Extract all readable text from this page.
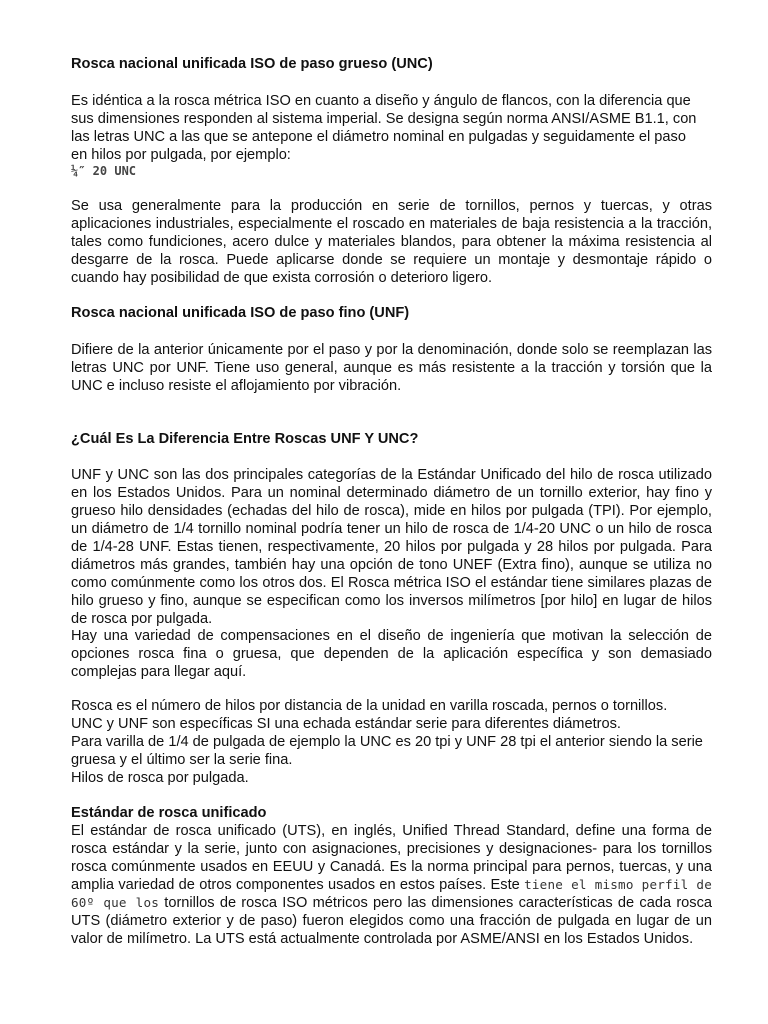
Rosca nacional unificada ISO de paso grueso (UNC)

Es idéntica a la rosca métrica ISO en cuanto a diseño y ángulo de flancos, con la diferencia que
sus dimensiones responden al sistema imperial. Se designa según norma ANSI/ASME B1.1, con
las letras UNC a las que se antepone el diámetro nominal en pulgadas y seguidamente el paso
en hilos por pulgada, por ejemplo:

¼″ 20 UNC

Se usa generalmente para la producción en serie de tornillos, pernos y tuercas, y otras aplicaciones industriales, especialmente el roscado en materiales de baja resistencia a la tracción, tales como fundiciones, acero dulce y materiales blandos, para obtener la máxima resistencia al desgarre de la rosca. Puede aplicarse donde se requiere un montaje y desmontaje rápido o cuando hay posibilidad de que exista corrosión o deterioro ligero.

Rosca nacional unificada ISO de paso fino (UNF)

Difiere de la anterior únicamente por el paso y por la denominación, donde solo se reemplazan las letras UNC por UNF. Tiene uso general, aunque es más resistente a la tracción y torsión que la UNC e incluso resiste el aflojamiento por vibración.

¿Cuál Es La Diferencia Entre Roscas UNF Y UNC?

UNF y UNC son las dos principales categorías de la Estándar Unificado del hilo de rosca utilizado en los Estados Unidos. Para un nominal determinado diámetro de un tornillo exterior, hay fino y grueso hilo densidades (echadas del hilo de rosca), mide en hilos por pulgada (TPI). Por ejemplo, un diámetro de 1/4 tornillo nominal podría tener un hilo de rosca de 1/4-20 UNC o un hilo de rosca de 1/4-28 UNF. Estas tienen, respectivamente, 20 hilos por pulgada y 28 hilos por pulgada. Para diámetros más grandes, también hay una opción de tono UNEF (Extra fino), aunque se utiliza no como comúnmente como los otros dos. El Rosca métrica ISO el estándar tiene similares plazas de hilo grueso y fino, aunque se especifican como los inversos milímetros [por hilo] en lugar de hilos de rosca por pulgada.

Hay una variedad de compensaciones en el diseño de ingeniería que motivan la selección de opciones rosca fina o gruesa, que dependen de la aplicación específica y son demasiado complejas para llegar aquí.

Rosca es el número de hilos por distancia de la unidad en varilla roscada, pernos o tornillos.
UNC y UNF son específicas SI una echada estándar serie para diferentes diámetros.
Para varilla de 1/4 de pulgada de ejemplo la UNC es 20 tpi y UNF 28 tpi el anterior siendo la serie gruesa y el último ser la serie fina.
Hilos de rosca por pulgada.

Estándar de rosca unificado

El estándar de rosca unificado (UTS), en inglés, Unified Thread Standard, define una forma de rosca estándar y la serie, junto con asignaciones, precisiones y designaciones- para los tornillos rosca comúnmente usados en EEUU y Canadá. Es la norma principal para pernos, tuercas, y una amplia variedad de otros componentes usados en estos países. Este tiene el mismo perfil de 60º que los tornillos de rosca ISO métricos pero las dimensiones características de cada rosca UTS (diámetro exterior y de paso) fueron elegidos como una fracción de pulgada en lugar de un valor de milímetro. La UTS está actualmente controlada por ASME/ANSI en los Estados Unidos.
